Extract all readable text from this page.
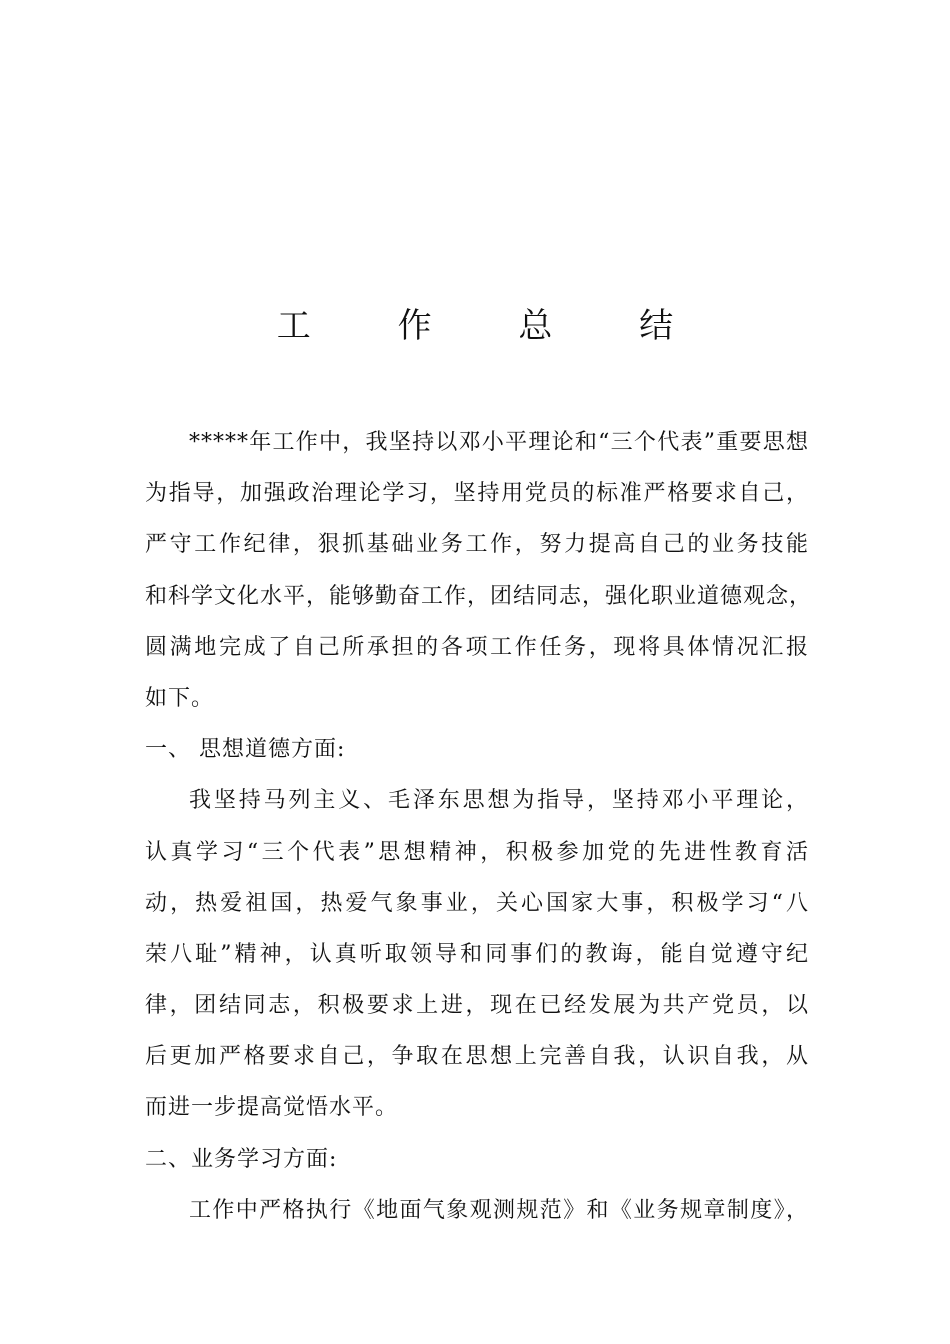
工 作 总 结
*****年工作中，我坚持以邓小平理论和“三个代表”重要思想
为指导，加强政治理论学习，坚持用党员的标准严格要求自己，
严守工作纪律，狠抓基础业务工作，努力提高自己的业务技能
和科学文化水平，能够勤奋工作，团结同志，强化职业道德观念，
圆满地完成了自己所承担的各项工作任务，现将具体情况汇报
如下。
一、 思想道德方面:
我坚持马列主义、毛泽东思想为指导，坚持邓小平理论，
认真学习“三个代表”思想精神，积极参加党的先进性教育活
动，热爱祖国，热爱气象事业，关心国家大事，积极学习“八
荣八耻”精神，认真听取领导和同事们的教诲，能自觉遵守纪
律，团结同志，积极要求上进，现在已经发展为共产党员，以
后更加严格要求自己，争取在思想上完善自我，认识自我，从
而进一步提高觉悟水平。
二、业务学习方面:
工作中严格执行《地面气象观测规范》和《业务规章制度》，
